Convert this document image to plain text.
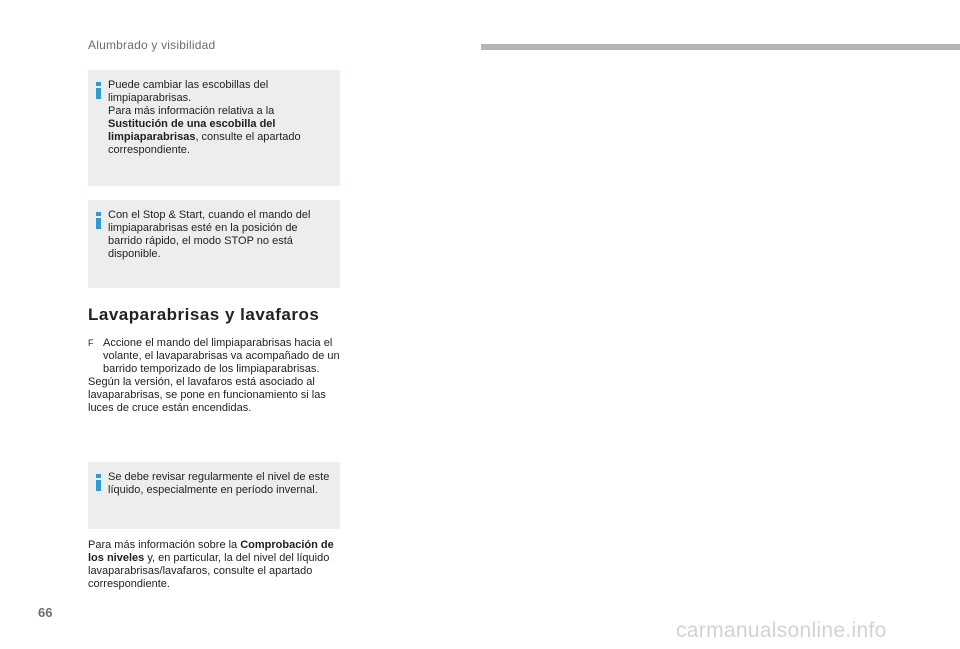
Alumbrado y visibilidad
Puede cambiar las escobillas del limpiaparabrisas.
Para más información relativa a la Sustitución de una escobilla del limpiaparabrisas, consulte el apartado correspondiente.
Con el Stop & Start, cuando el mando del limpiaparabrisas esté en la posición de barrido rápido, el modo STOP no está disponible.
Lavaparabrisas y lavafaros
F Accione el mando del limpiaparabrisas hacia el volante, el lavaparabrisas va acompañado de un barrido temporizado de los limpiaparabrisas.
Según la versión, el lavafaros está asociado al lavaparabrisas, se pone en funcionamiento si las luces de cruce están encendidas.
Se debe revisar regularmente el nivel de este líquido, especialmente en período invernal.
Para más información sobre la Comprobación de los niveles y, en particular, la del nivel del líquido lavaparabrisas/lavafaros, consulte el apartado correspondiente.
66
carmanualsonline.info
